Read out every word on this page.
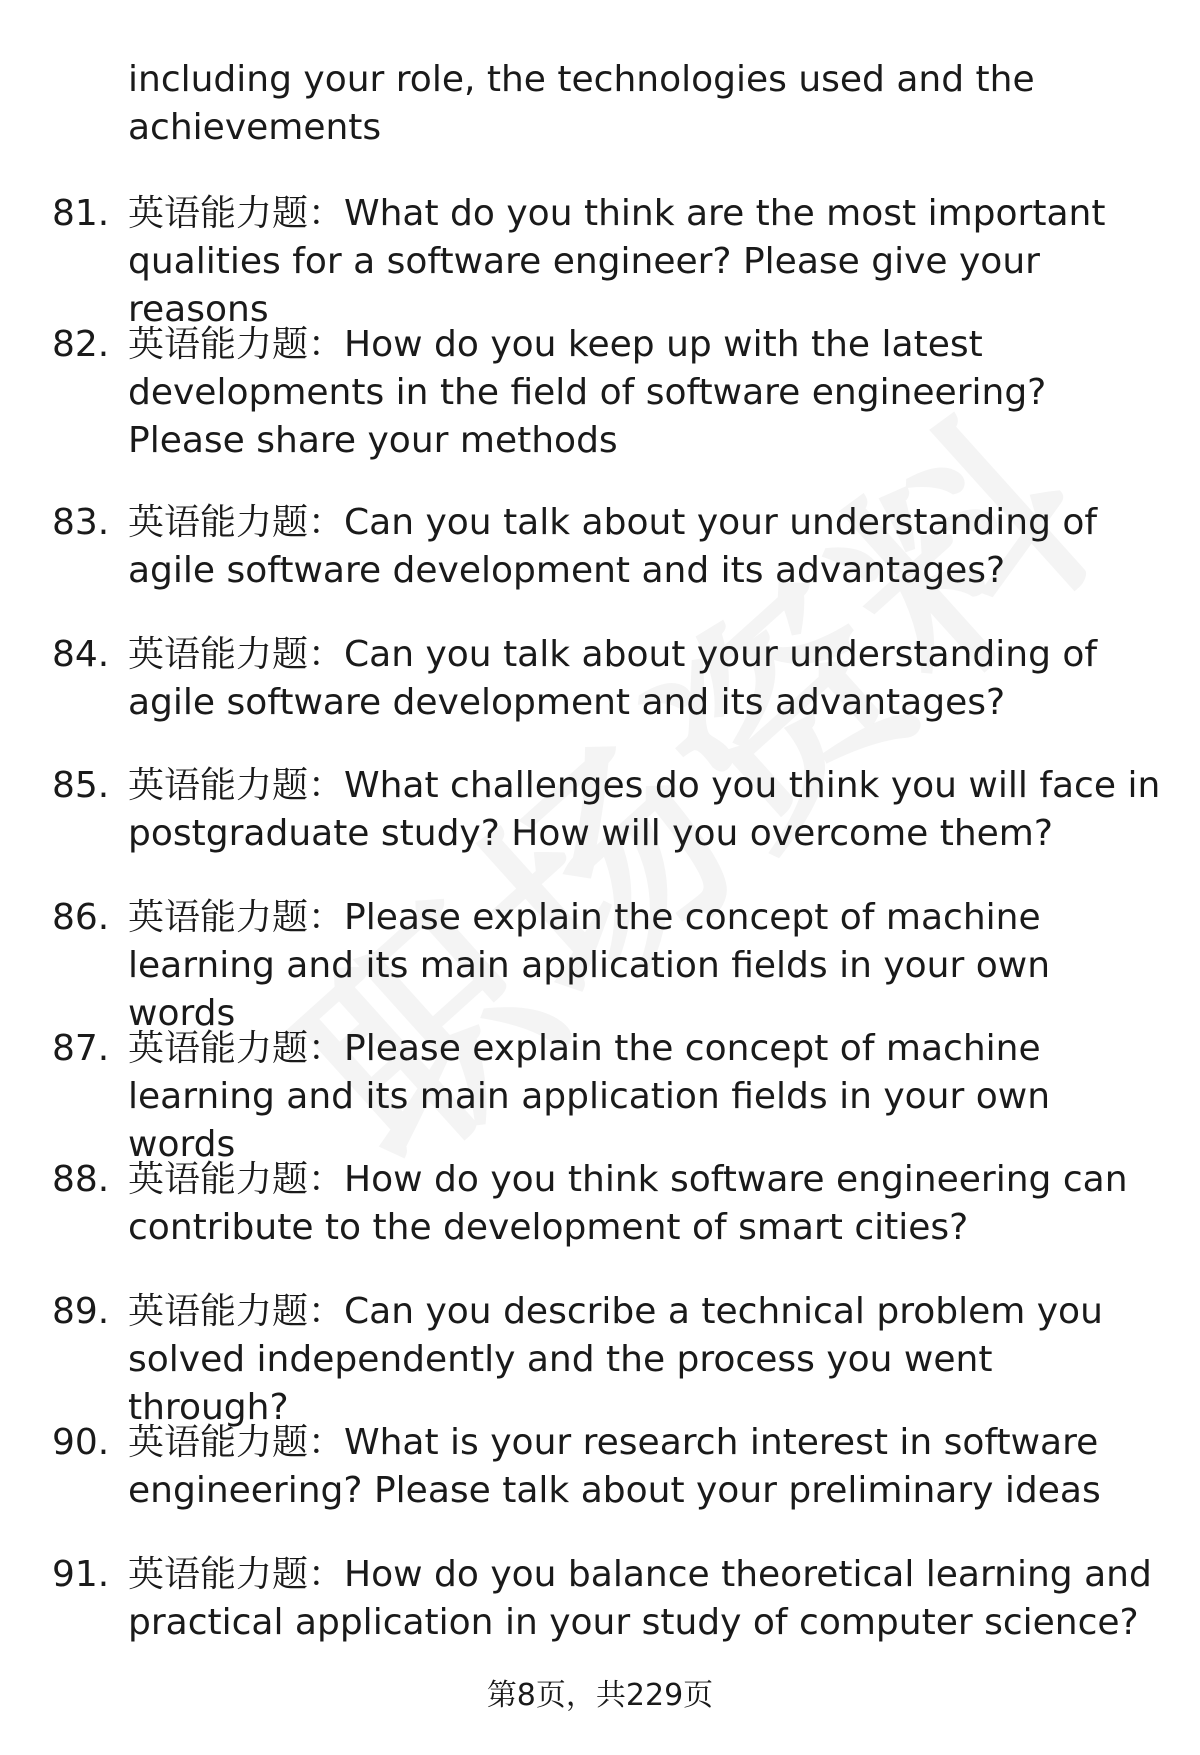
including your role, the technologies used and the achievements
81. 英语能力题：What do you think are the most important qualities for a software engineer? Please give your reasons
82. 英语能力题：How do you keep up with the latest developments in the field of software engineering? Please share your methods
83. 英语能力题：Can you talk about your understanding of agile software development and its advantages?
84. 英语能力题：Can you talk about your understanding of agile software development and its advantages?
85. 英语能力题：What challenges do you think you will face in postgraduate study? How will you overcome them?
86. 英语能力题：Please explain the concept of machine learning and its main application fields in your own words
87. 英语能力题：Please explain the concept of machine learning and its main application fields in your own words
88. 英语能力题：How do you think software engineering can contribute to the development of smart cities?
89. 英语能力题：Can you describe a technical problem you solved independently and the process you went through?
90. 英语能力题：What is your research interest in software engineering? Please talk about your preliminary ideas
91. 英语能力题：How do you balance theoretical learning and practical application in your study of computer science?
第8页，共229页
